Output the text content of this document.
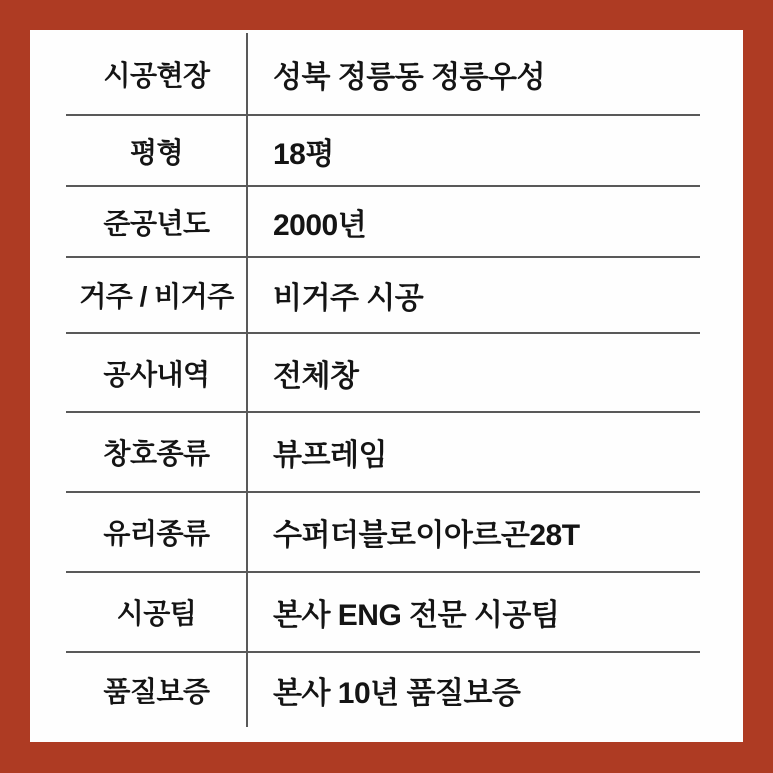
시공현장	성북 정릉동 정릉우성
평형	18평
준공년도	2000년
거주 / 비거주	비거주 시공
공사내역	전체창
창호종류	뷰프레임
유리종류	수퍼더블로이아르곤28T
시공팀	본사 ENG 전문 시공팀
품질보증	본사 10년 품질보증
